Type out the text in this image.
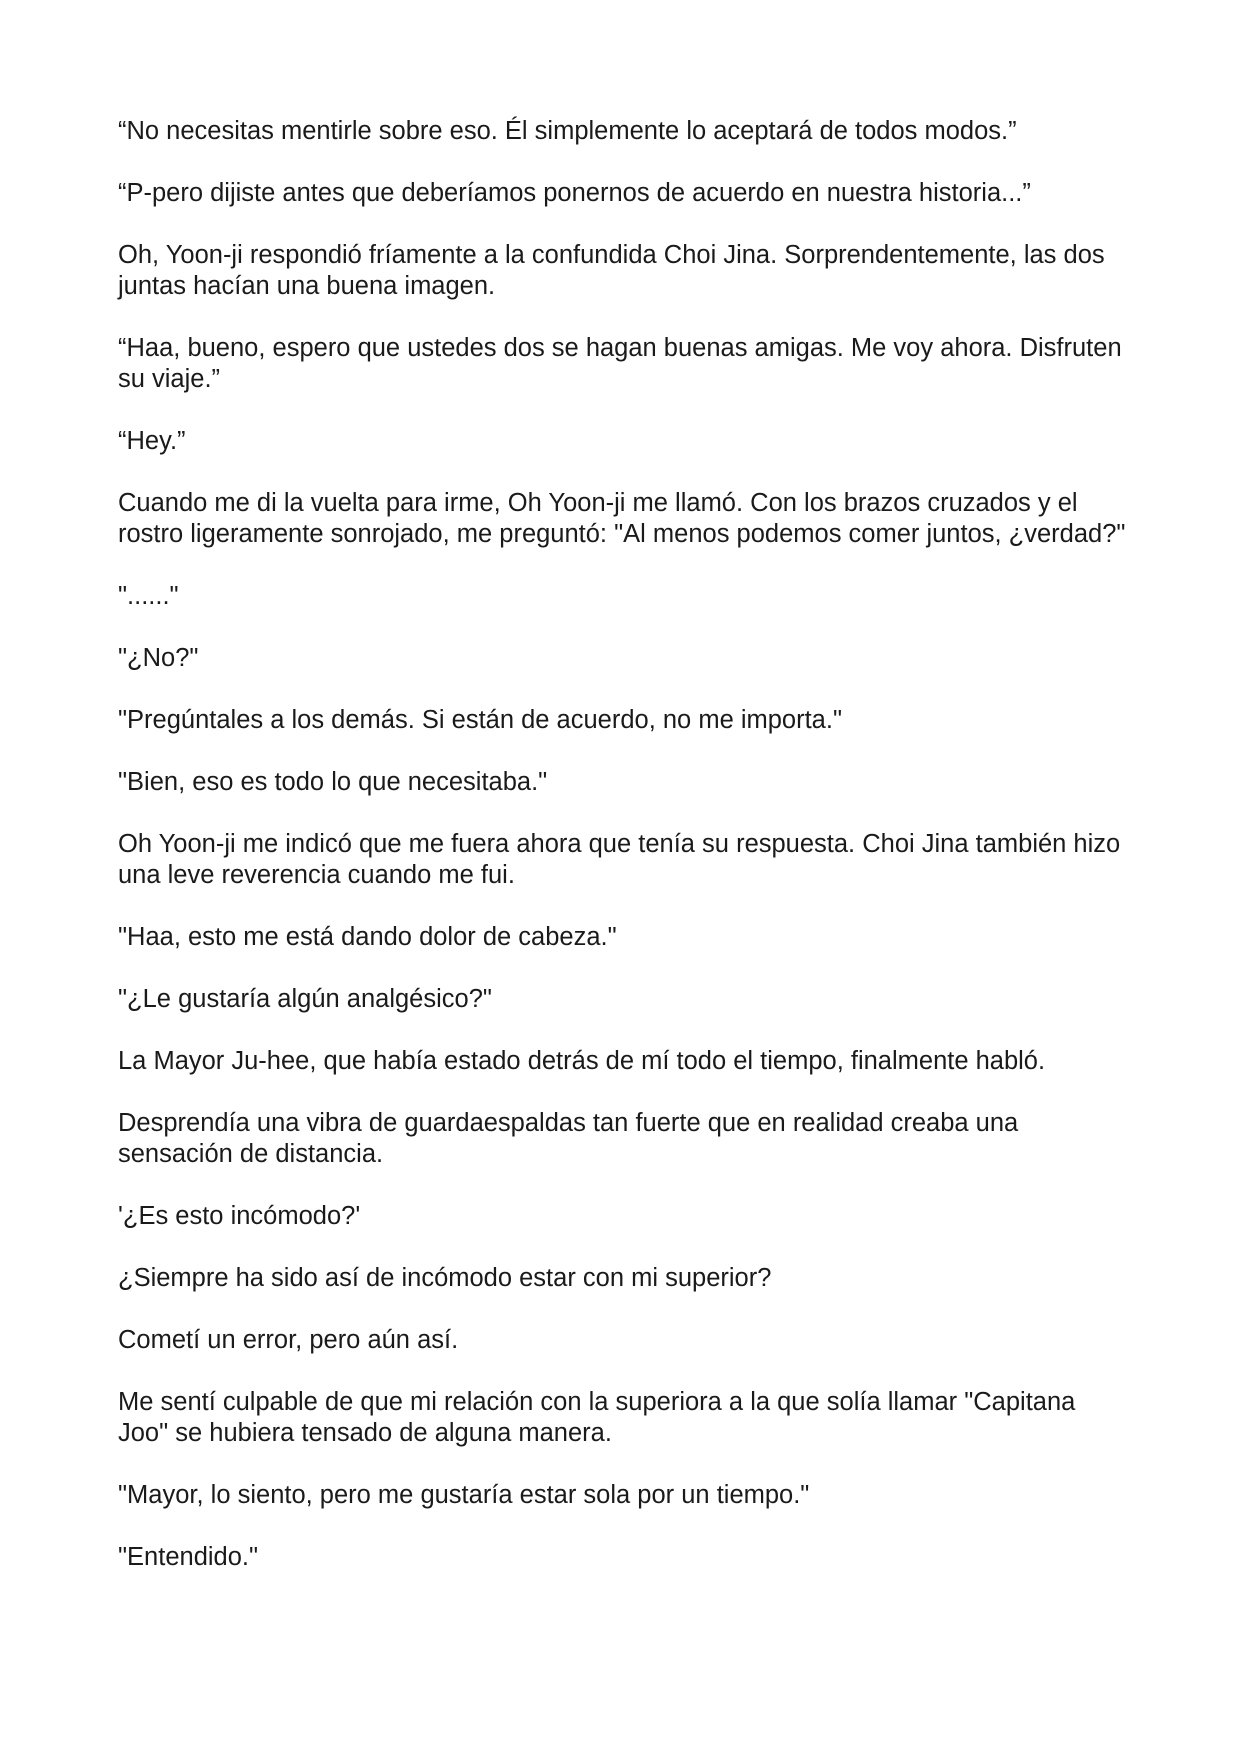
“No necesitas mentirle sobre eso. Él simplemente lo aceptará de todos modos.”

“P-pero dijiste antes que deberíamos ponernos de acuerdo en nuestra historia...”

Oh, Yoon-ji respondió fríamente a la confundida Choi Jina. Sorprendentemente, las dos juntas hacían una buena imagen.

“Haa, bueno, espero que ustedes dos se hagan buenas amigas. Me voy ahora. Disfruten su viaje.”

“Hey.”

Cuando me di la vuelta para irme, Oh Yoon-ji me llamó. Con los brazos cruzados y el rostro ligeramente sonrojado, me preguntó: "Al menos podemos comer juntos, ¿verdad?"

"......"

"¿No?"

"Pregúntales a los demás. Si están de acuerdo, no me importa."

"Bien, eso es todo lo que necesitaba."

Oh Yoon-ji me indicó que me fuera ahora que tenía su respuesta. Choi Jina también hizo una leve reverencia cuando me fui.

"Haa, esto me está dando dolor de cabeza."

"¿Le gustaría algún analgésico?"

La Mayor Ju-hee, que había estado detrás de mí todo el tiempo, finalmente habló.

Desprendía una vibra de guardaespaldas tan fuerte que en realidad creaba una sensación de distancia.

'¿Es esto incómodo?'

¿Siempre ha sido así de incómodo estar con mi superior?

Cometí un error, pero aún así.

Me sentí culpable de que mi relación con la superiora a la que solía llamar "Capitana Joo" se hubiera tensado de alguna manera.

"Mayor, lo siento, pero me gustaría estar sola por un tiempo."

"Entendido."
